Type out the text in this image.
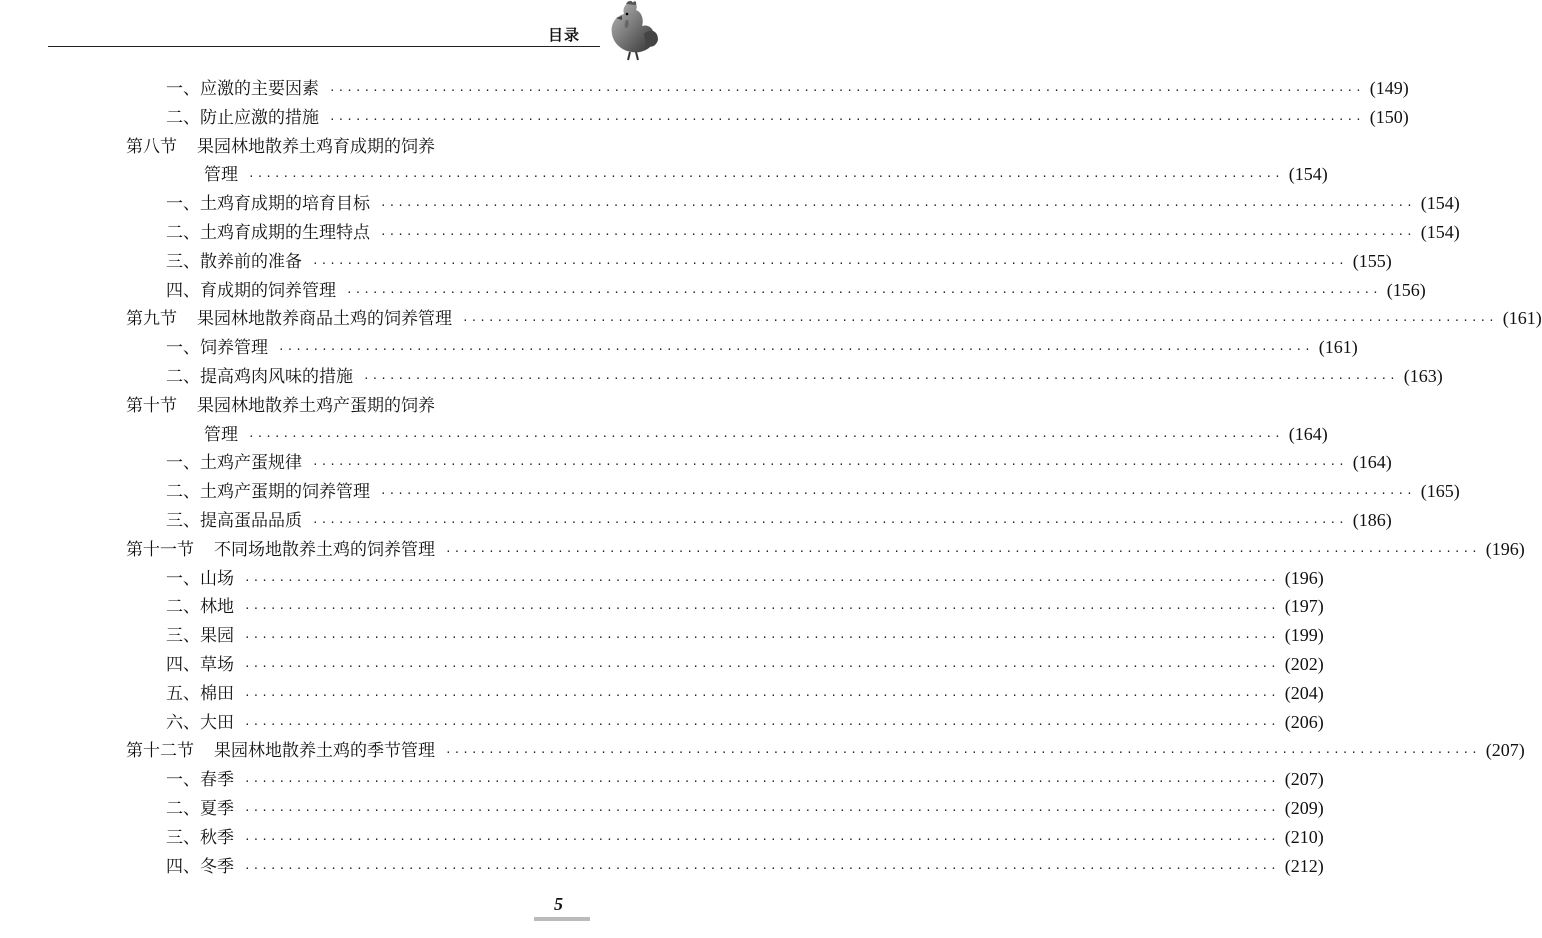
目录
一、应激的主要因素 ························································································································ (149)
二、防止应激的措施 ························································································································ (150)
第八节 果园林地散养土鸡育成期的饲养
管理 ························································································································ (154)
一、土鸡育成期的培育目标 ························································································································ (154)
二、土鸡育成期的生理特点 ························································································································ (154)
三、散养前的准备 ························································································································ (155)
四、育成期的饲养管理 ························································································································ (156)
第九节 果园林地散养商品土鸡的饲养管理 ························································································································ (161)
一、饲养管理 ························································································································ (161)
二、提高鸡肉风味的措施 ························································································································ (163)
第十节 果园林地散养土鸡产蛋期的饲养
管理 ························································································································ (164)
一、土鸡产蛋规律 ························································································································ (164)
二、土鸡产蛋期的饲养管理 ························································································································ (165)
三、提高蛋品品质 ························································································································ (186)
第十一节 不同场地散养土鸡的饲养管理 ························································································································ (196)
一、山场 ························································································································ (196)
二、林地 ························································································································ (197)
三、果园 ························································································································ (199)
四、草场 ························································································································ (202)
五、棉田 ························································································································ (204)
六、大田 ························································································································ (206)
第十二节 果园林地散养土鸡的季节管理 ························································································································ (207)
一、春季 ························································································································ (207)
二、夏季 ························································································································ (209)
三、秋季 ························································································································ (210)
四、冬季 ························································································································ (212)
5
